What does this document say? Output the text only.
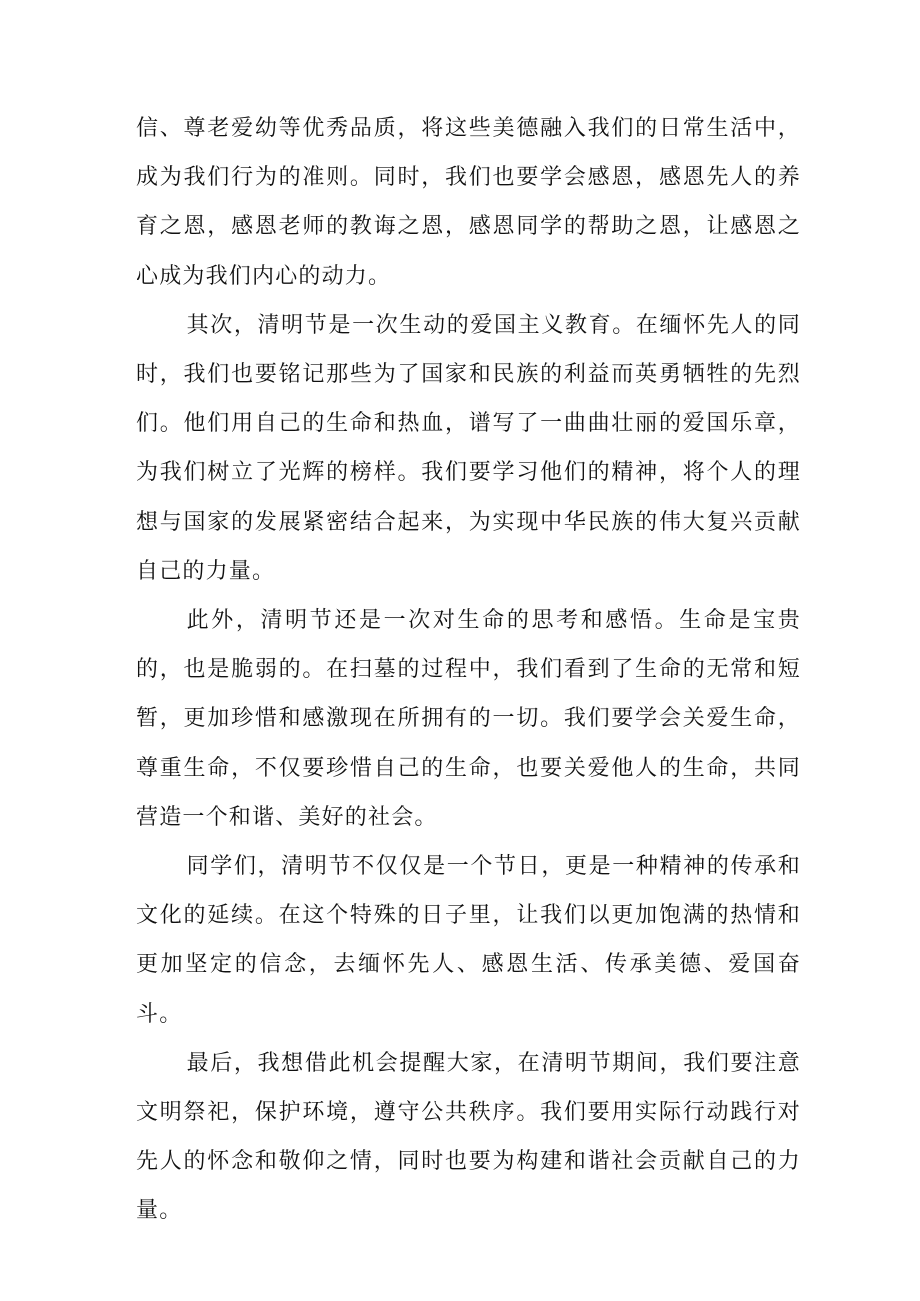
信、尊老爱幼等优秀品质，将这些美德融入我们的日常生活中，成为我们行为的准则。同时，我们也要学会感恩，感恩先人的养育之恩，感恩老师的教诲之恩，感恩同学的帮助之恩，让感恩之心成为我们内心的动力。

其次，清明节是一次生动的爱国主义教育。在缅怀先人的同时，我们也要铭记那些为了国家和民族的利益而英勇牺牲的先烈们。他们用自己的生命和热血，谱写了一曲曲壮丽的爱国乐章，为我们树立了光辉的榜样。我们要学习他们的精神，将个人的理想与国家的发展紧密结合起来，为实现中华民族的伟大复兴贡献自己的力量。

此外，清明节还是一次对生命的思考和感悟。生命是宝贵的，也是脆弱的。在扫墓的过程中，我们看到了生命的无常和短暂，更加珍惜和感激现在所拥有的一切。我们要学会关爱生命，尊重生命，不仅要珍惜自己的生命，也要关爱他人的生命，共同营造一个和谐、美好的社会。

同学们，清明节不仅仅是一个节日，更是一种精神的传承和文化的延续。在这个特殊的日子里，让我们以更加饱满的热情和更加坚定的信念，去缅怀先人、感恩生活、传承美德、爱国奋斗。

最后，我想借此机会提醒大家，在清明节期间，我们要注意文明祭祀，保护环境，遵守公共秩序。我们要用实际行动践行对先人的怀念和敬仰之情，同时也要为构建和谐社会贡献自己的力量。
